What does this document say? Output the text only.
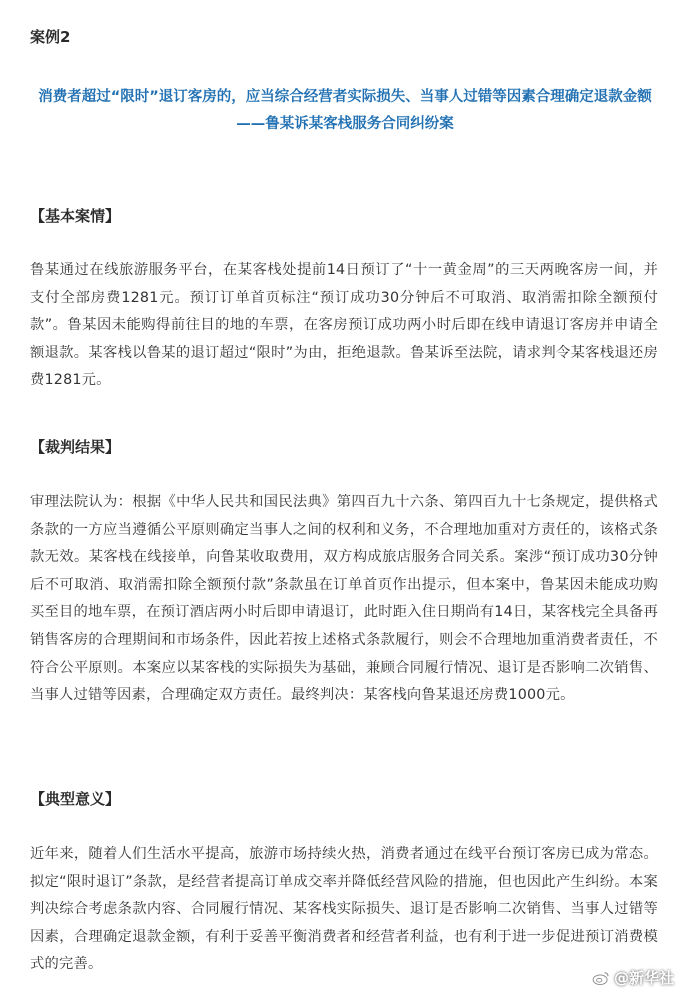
案例2
消费者超过“限时”退订客房的，应当综合经营者实际损失、当事人过错等因素合理确定退款金额
——鲁某诉某客栈服务合同纠纷案
【基本案情】
鲁某通过在线旅游服务平台，在某客栈处提前14日预订了“十一黄金周”的三天两晚客房一间，并支付全部房费1281元。预订订单首页标注“预订成功30分钟后不可取消、取消需扣除全额预付款”。鲁某因未能购得前往目的地的车票，在客房预订成功两小时后即在线申请退订客房并申请全额退款。某客栈以鲁某的退订超过“限时”为由，拒绝退款。鲁某诉至法院，请求判令某客栈退还房费1281元。
【裁判结果】
审理法院认为：根据《中华人民共和国民法典》第四百九十六条、第四百九十七条规定，提供格式条款的一方应当遵循公平原则确定当事人之间的权利和义务，不合理地加重对方责任的，该格式条款无效。某客栈在线接单，向鲁某收取费用，双方构成旅店服务合同关系。案涉“预订成功30分钟后不可取消、取消需扣除全额预付款”条款虽在订单首页作出提示，但本案中，鲁某因未能成功购买至目的地车票，在预订酒店两小时后即申请退订，此时距入住日期尚有14日，某客栈完全具备再销售客房的合理期间和市场条件，因此若按上述格式条款履行，则会不合理地加重消费者责任，不符合公平原则。本案应以某客栈的实际损失为基础，兼顾合同履行情况、退订是否影响二次销售、当事人过错等因素，合理确定双方责任。最终判决：某客栈向鲁某退还房费1000元。
【典型意义】
近年来，随着人们生活水平提高，旅游市场持续火热，消费者通过在线平台预订客房已成为常态。拟定“限时退订”条款，是经营者提高订单成交率并降低经营风险的措施，但也因此产生纠纷。本案判决综合考虑条款内容、合同履行情况、某客栈实际损失、退订是否影响二次销售、当事人过错等因素，合理确定退款金额，有利于妥善平衡消费者和经营者利益，也有利于进一步促进预订消费模式的完善。
@新华社
